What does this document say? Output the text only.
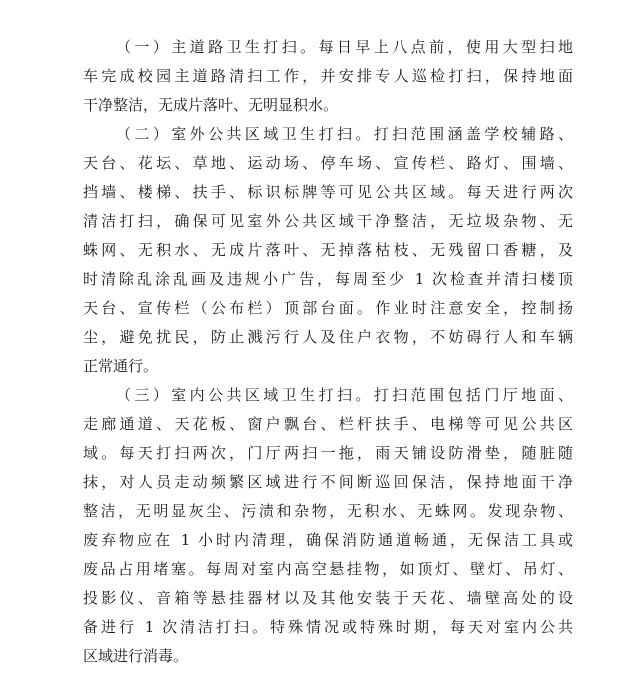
（一）主道路卫生打扫。每日早上八点前，使用大型扫地
车完成校园主道路清扫工作，并安排专人巡检打扫，保持地面
干净整洁，无成片落叶、无明显积水。
（二）室外公共区域卫生打扫。打扫范围涵盖学校辅路、
天台、花坛、草地、运动场、停车场、宣传栏、路灯、围墙、
挡墙、楼梯、扶手、标识标牌等可见公共区域。每天进行两次
清洁打扫，确保可见室外公共区域干净整洁，无垃圾杂物、无
蛛网、无积水、无成片落叶、无掉落枯枝、无残留口香糖，及
时清除乱涂乱画及违规小广告，每周至少 1 次检查并清扫楼顶
天台、宣传栏（公布栏）顶部台面。作业时注意安全，控制扬
尘，避免扰民，防止溅污行人及住户衣物，不妨碍行人和车辆
正常通行。
（三）室内公共区域卫生打扫。打扫范围包括门厅地面、
走廊通道、天花板、窗户飘台、栏杆扶手、电梯等可见公共区
域。每天打扫两次，门厅两扫一拖，雨天铺设防滑垫，随脏随
抹，对人员走动频繁区域进行不间断巡回保洁，保持地面干净
整洁，无明显灰尘、污渍和杂物，无积水、无蛛网。发现杂物、
废弃物应在 1 小时内清理，确保消防通道畅通，无保洁工具或
废品占用堵塞。每周对室内高空悬挂物，如顶灯、壁灯、吊灯、
投影仪、音箱等悬挂器材以及其他安装于天花、墙壁高处的设
备进行 1 次清洁打扫。特殊情况或特殊时期，每天对室内公共
区域进行消毒。
